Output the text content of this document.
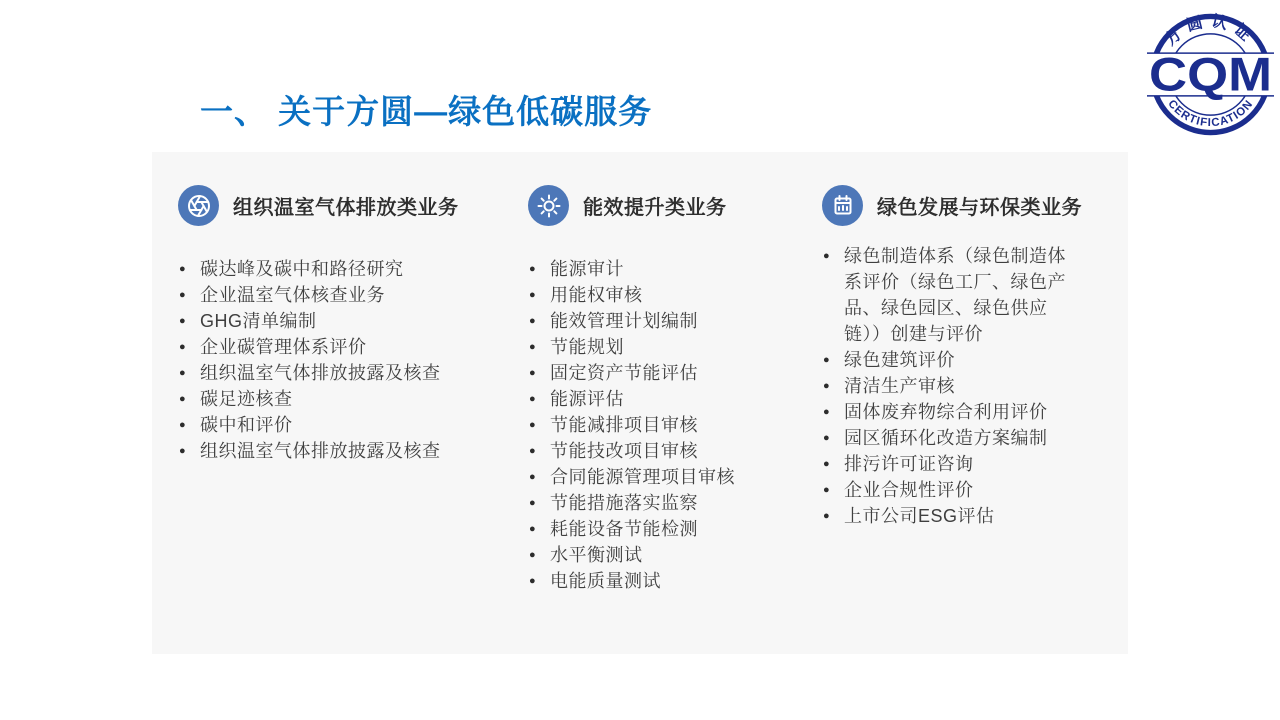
一、 关于方圆—绿色低碳服务
CQM
方圆认证
CERTIFICATION
组织温室气体排放类业务
● 碳达峰及碳中和路径研究
● 企业温室气体核查业务
● GHG清单编制
● 企业碳管理体系评价
● 组织温室气体排放披露及核查
● 碳足迹核查
● 碳中和评价
● 组织温室气体排放披露及核查
能效提升类业务
● 能源审计
● 用能权审核
● 能效管理计划编制
● 节能规划
● 固定资产节能评估
● 能源评估
● 节能减排项目审核
● 节能技改项目审核
● 合同能源管理项目审核
● 节能措施落实监察
● 耗能设备节能检测
● 水平衡测试
● 电能质量测试
绿色发展与环保类业务
● 绿色制造体系（绿色制造体系评价（绿色工厂、绿色产品、绿色园区、绿色供应链））创建与评价
● 绿色建筑评价
● 清洁生产审核
● 固体废弃物综合利用评价
● 园区循环化改造方案编制
● 排污许可证咨询
● 企业合规性评价
● 上市公司ESG评估
